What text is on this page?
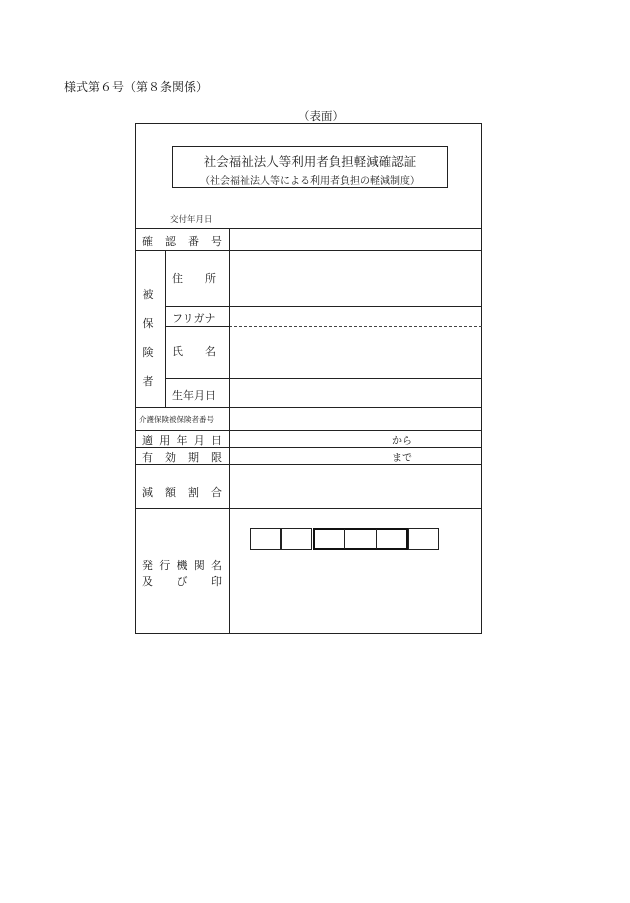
様式第６号（第８条関係）
（表面）
社会福祉法人等利用者負担軽減確認証
（社会福祉法人等による利用者負担の軽減制度）
交付年月日
確 認 番 号
被
保
険
者
住 所
フリガナ
氏 名
生年月日
介護保険被保険者番号
適 用 年 月 日	から
有 効 期 限	まで
減 額 割 合
発 行 機 関 名
及 び 印
